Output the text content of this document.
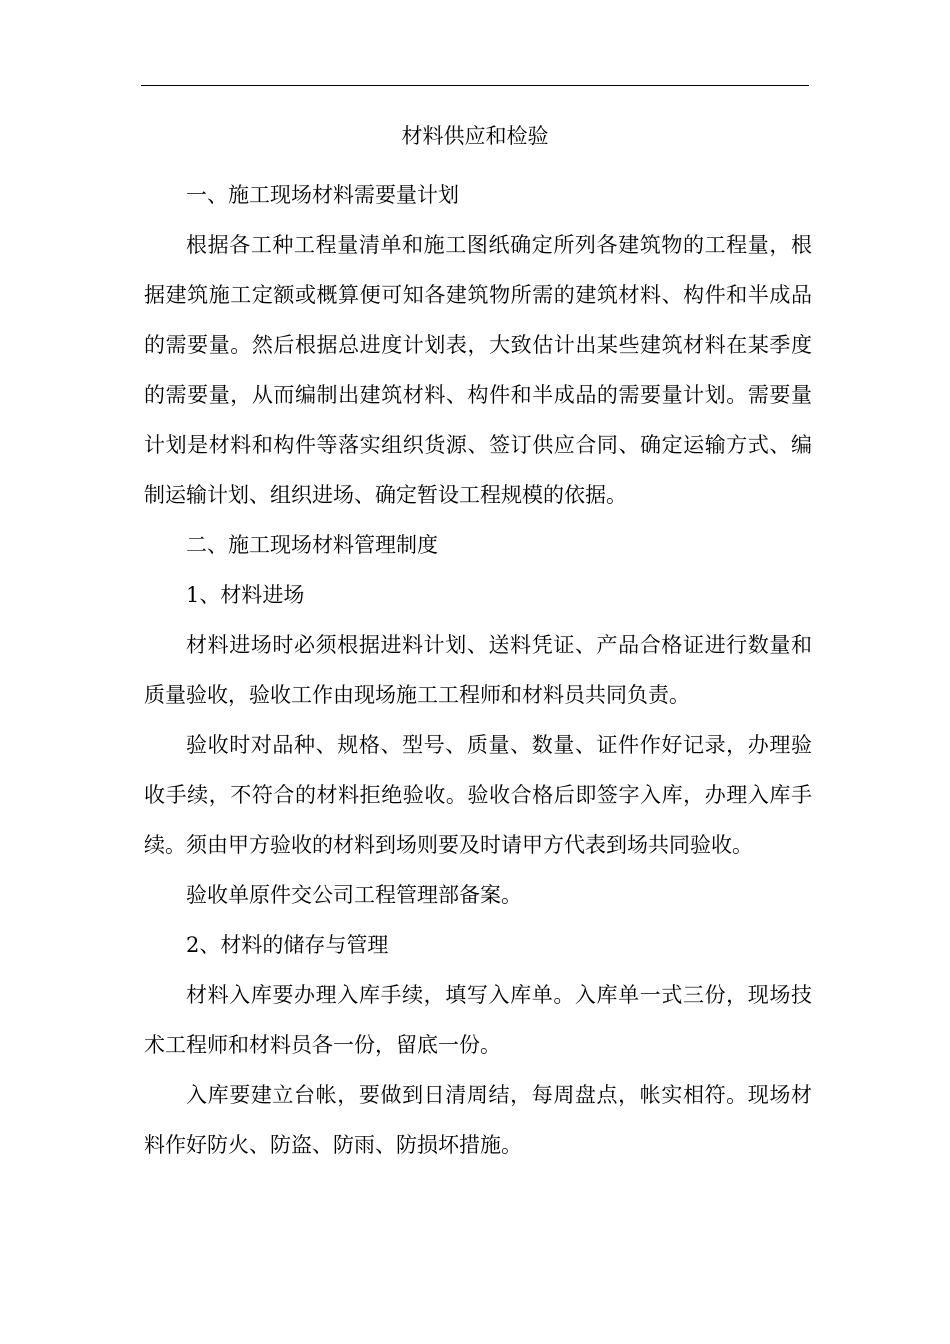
材料供应和检验

一、施工现场材料需要量计划

根据各工种工程量清单和施工图纸确定所列各建筑物的工程量，根据建筑施工定额或概算便可知各建筑物所需的建筑材料、构件和半成品的需要量。然后根据总进度计划表，大致估计出某些建筑材料在某季度的需要量，从而编制出建筑材料、构件和半成品的需要量计划。需要量计划是材料和构件等落实组织货源、签订供应合同、确定运输方式、编制运输计划、组织进场、确定暂设工程规模的依据。

二、施工现场材料管理制度

1、材料进场

材料进场时必须根据进料计划、送料凭证、产品合格证进行数量和质量验收，验收工作由现场施工工程师和材料员共同负责。

验收时对品种、规格、型号、质量、数量、证件作好记录，办理验收手续，不符合的材料拒绝验收。验收合格后即签字入库，办理入库手续。须由甲方验收的材料到场则要及时请甲方代表到场共同验收。

验收单原件交公司工程管理部备案。

2、材料的储存与管理

材料入库要办理入库手续，填写入库单。入库单一式三份，现场技术工程师和材料员各一份，留底一份。

入库要建立台帐，要做到日清周结，每周盘点，帐实相符。现场材料作好防火、防盗、防雨、防损坏措施。
